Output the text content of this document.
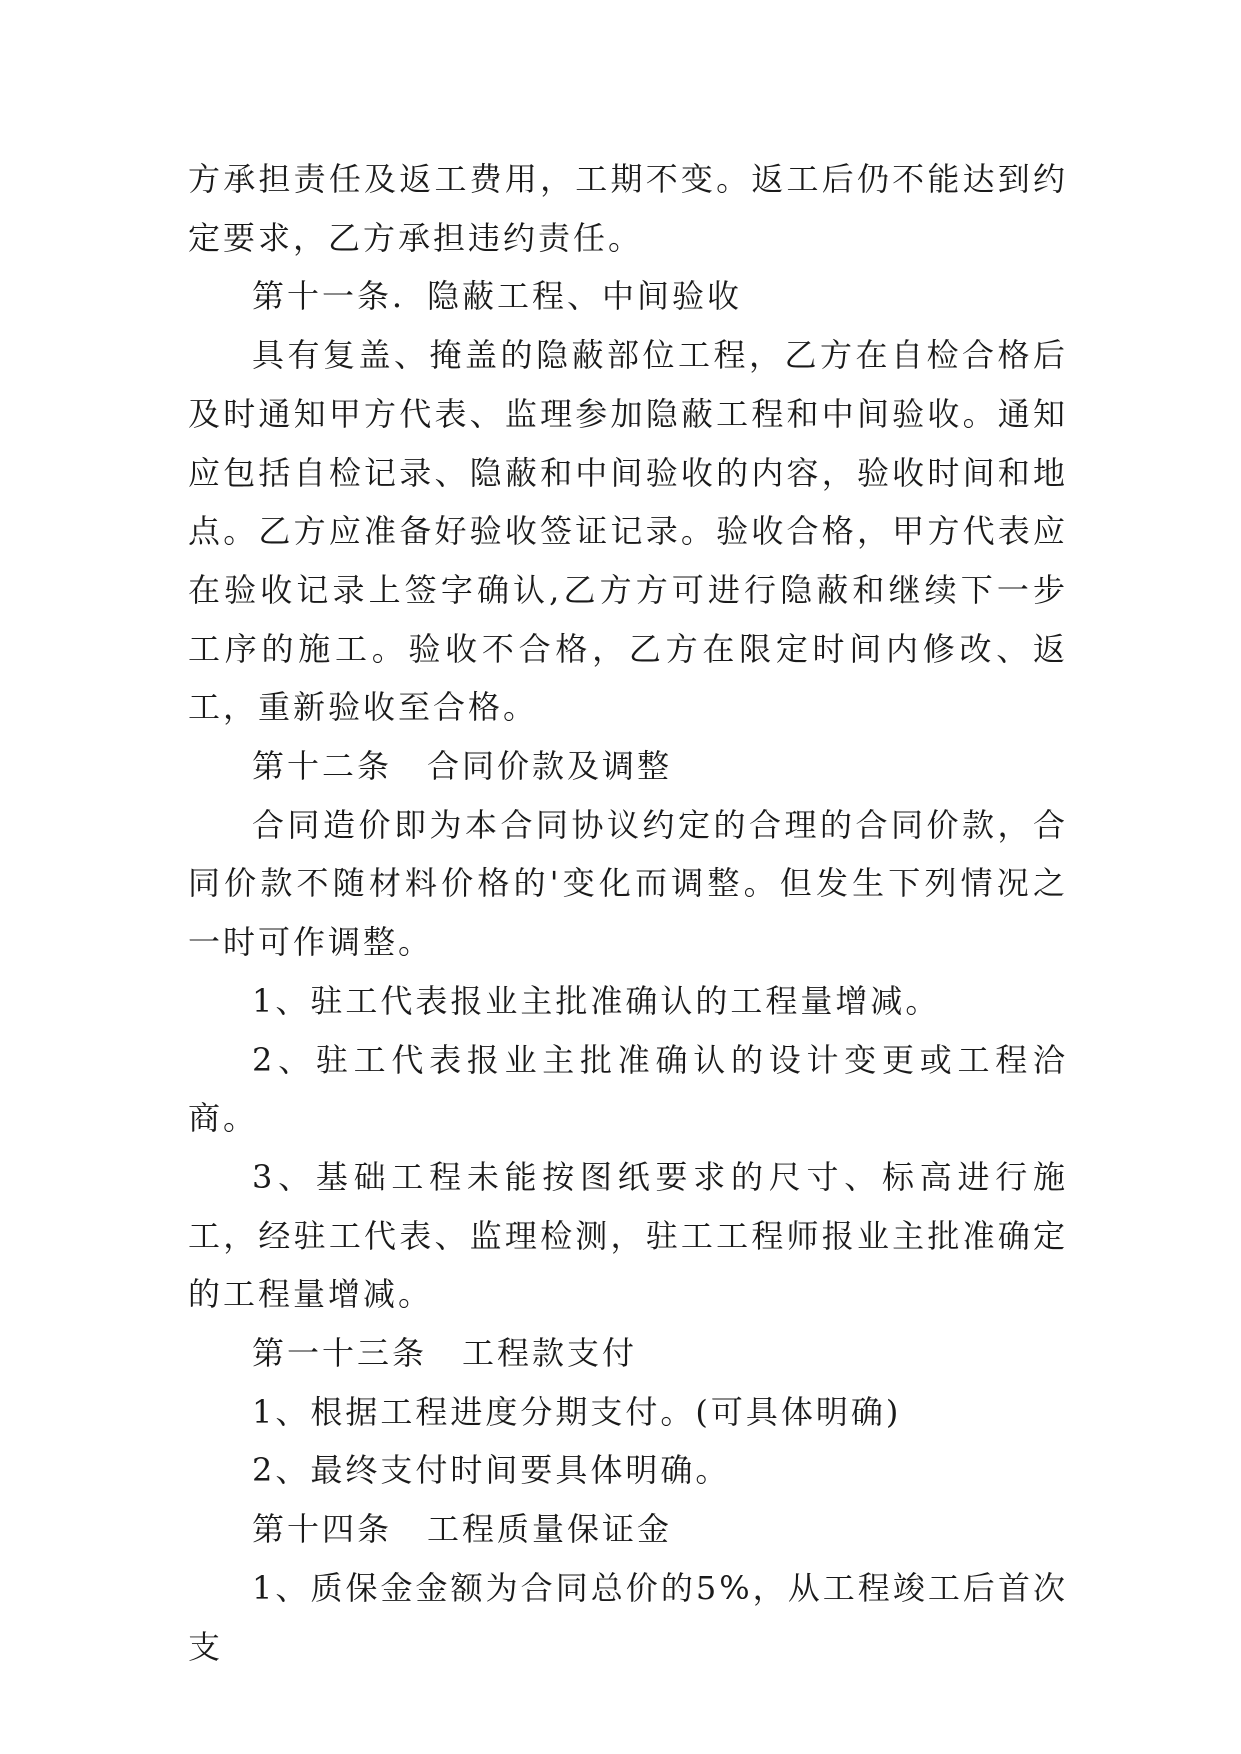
方承担责任及返工费用，工期不变。返工后仍不能达到约定要求，乙方承担违约责任。

第十一条．隐蔽工程、中间验收

具有复盖、掩盖的隐蔽部位工程，乙方在自检合格后及时通知甲方代表、监理参加隐蔽工程和中间验收。通知应包括自检记录、隐蔽和中间验收的内容，验收时间和地点。乙方应准备好验收签证记录。验收合格，甲方代表应在验收记录上签字确认,乙方方可进行隐蔽和继续下一步工序的施工。验收不合格，乙方在限定时间内修改、返工，重新验收至合格。

第十二条　合同价款及调整

合同造价即为本合同协议约定的合理的合同价款，合同价款不随材料价格的'变化而调整。但发生下列情况之一时可作调整。

1、驻工代表报业主批准确认的工程量增减。

2、驻工代表报业主批准确认的设计变更或工程洽商。

3、基础工程未能按图纸要求的尺寸、标高进行施工，经驻工代表、监理检测，驻工工程师报业主批准确定的工程量增减。

第一十三条　工程款支付

1、根据工程进度分期支付。(可具体明确)

2、最终支付时间要具体明确。

第十四条　工程质量保证金

1、质保金金额为合同总价的5%，从工程竣工后首次支
